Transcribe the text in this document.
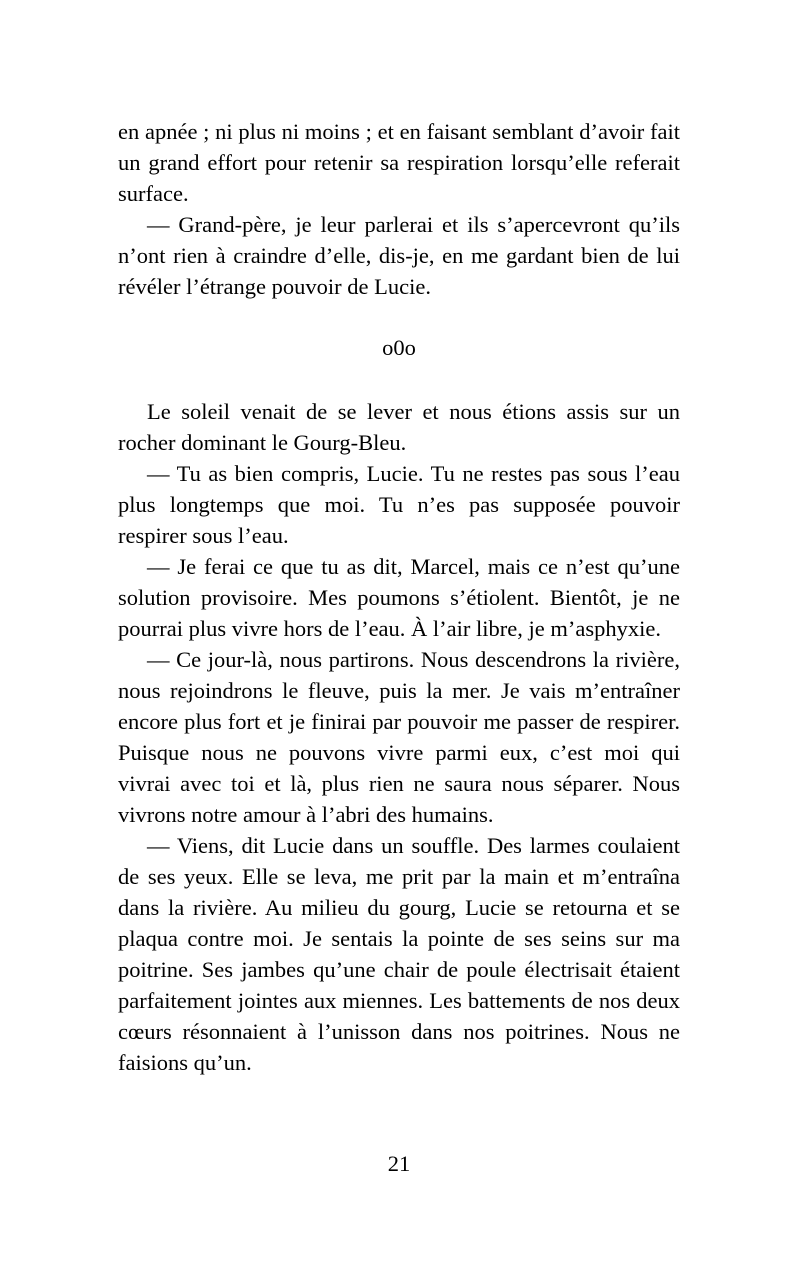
en apnée ; ni plus ni moins ; et en faisant semblant d’avoir fait un grand effort pour retenir sa respiration lorsqu’elle referait surface.

— Grand-père, je leur parlerai et ils s’apercevront qu’ils n’ont rien à craindre d’elle, dis-je, en me gardant bien de lui révéler l’étrange pouvoir de Lucie.

o0o

Le soleil venait de se lever et nous étions assis sur un rocher dominant le Gourg-Bleu.

— Tu as bien compris, Lucie. Tu ne restes pas sous l’eau plus longtemps que moi. Tu n’es pas supposée pouvoir respirer sous l’eau.

— Je ferai ce que tu as dit, Marcel, mais ce n’est qu’une solution provisoire. Mes poumons s’étiolent. Bientôt, je ne pourrai plus vivre hors de l’eau. À l’air libre, je m’asphyxie.

— Ce jour-là, nous partirons. Nous descendrons la rivière, nous rejoindrons le fleuve, puis la mer. Je vais m’entraîner encore plus fort et je finirai par pouvoir me passer de respirer. Puisque nous ne pouvons vivre parmi eux, c’est moi qui vivrai avec toi et là, plus rien ne saura nous séparer. Nous vivrons notre amour à l’abri des humains.

— Viens, dit Lucie dans un souffle. Des larmes coulaient de ses yeux. Elle se leva, me prit par la main et m’entraîna dans la rivière. Au milieu du gourg, Lucie se retourna et se plaqua contre moi. Je sentais la pointe de ses seins sur ma poitrine. Ses jambes qu’une chair de poule électrisait étaient parfaitement jointes aux miennes. Les battements de nos deux cœurs résonnaient à l’unisson dans nos poitrines. Nous ne faisions qu’un.

21
